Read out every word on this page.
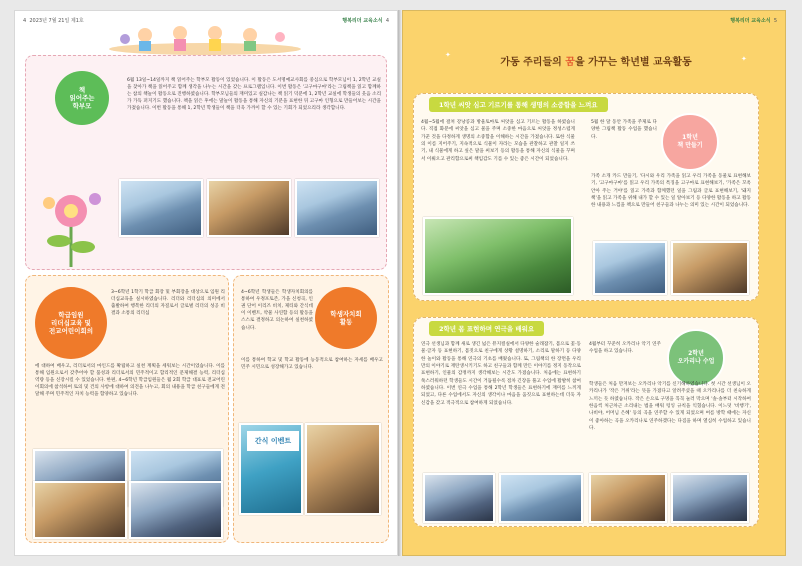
4 2023년 7월 21일 제1호	행복리더 교육소식 4
책
읽어주는
학부모
6월 13일~14일까지 책 읽어주는 학부모 활동이 있었습니다. 이 활동은 도서명예교사회를 중심으로 학부모님이 1, 2학년 교실을 찾아가 책을 읽어주고 함께 생각을 나누는 시간을 갖는 프로그램입니다. 이번 활동은 '고구마구마'라는 그림책을 읽고 함께하는 참의 책놀이 활동으로 진행하였습니다. 학부모님들의 재미있고 실감나는 책 읽기 덕분에 1, 2학년 교실에 학생들의 웃음 소리가 가득 퍼지기도 했습니다. 책을 읽은 후에는 말놀이 활동을 통해 자신의 기분을 표현한 뒤 고구마 인형으로 만들어보는 시간을 가졌습니다. 이번 활동을 통해 1, 2학년 학생들이 책을 더욱 가까이 할 수 있는 기회가 되었으리라 생각합니다.
학급임원
리더십교육 및
전교어린이회의
3~6학년 1학기 학급 회장 및 부회장을 대상으로 임원 리더십교육을 실시하였습니다. 리더와 리더십의 의미에서 출발하여 행복한 리더의 자질로서 글로벌 리더의 성공 비결과 소통의 리더십
에 대하여 배우고, 리더로서의 마인드를 확립하고 실천 계획을 세워보는 시간이었습니다. 이를 통해 임원으로서 갖추어야 할 품성과 리더로서의 민주적이고 합리적인 문제해결 능력, 리더십 역량 등을 신장시킬 수 있었습니다. 한편, 4~6학년 학급임원들은 월 2회 학급 대표로 전교어린이회의에 참석하여 토의 및 건의 사항에 대하여 의견을 나누고, 회의 내용을 학급 친구들에게 전달해 주며 민주적인 자치 능력을 함양하고 있습니다.
학생자치회
활동
4~6학년 학생들은 학생자치회의를 통하여 우정포토존, 가을 신청곡, 인권 단어 이리즈 비치, 제티와 간식데이 이벤트, 약물 사연함 등의 활동을 스스로 결정하고 의논하여 실천하였습니다.
이를 통하여 학교 및 학교 활동에 능동적으로 참여하는 자세를 배우고 민주 시민으로 성장해가고 있습니다.
간식 이벤트
행복리더 교육소식 5
가동 주리들의 꿈을 가꾸는 학년별 교육활동
✦	✦
1학년 씨앗 심고 기르기를 통해 생명의 소중함을 느껴요
1학년
책 만들기
4월~5월에 걸쳐 강낭콩과 방울토마토 씨앗을 심고 기르는 활동을 하였습니다. 직접 화분에 씨앗을 심고 물을 주며 소중한 마음으로 씨앗을 정성스럽게 가꾼 것을 다정하게 생명의 소중함을 이해하는 시간을 가졌습니다. 또한 식물의 이름 지어주기, 지속적으로 식물이 자라는 모습을 관찰하고 관찰 일지 쓰기, 내 식물에게 하고 싶은 말을 써보기 등의 활동을 통해 자신의 식물을 꾸며서 이뤄오고 관리함으로써 책임감도 기를 수 있는 좋은 시간이 되었습니다.
5월 한 달 동안 가족을 주제로 다양한 그림책 활동 수업을 했습니다.
가족 소개 카드 만들기, '다시와 우리 가족을 읽고 우리 가족을 동물로 표현해보기, '고구마구마'를 읽고 우리 가족의 특징을 고구마로 표현해보기, '가족은 꼬옥 안아 주는 거야'를 읽고 가족과 함께했던 일을 그림과 글로 표현해보기, '돼지책'을 읽고 가족을 위해 내가 할 수 있는 일 알아보기 등 다양한 활동을 하고 활동한 내용과 느낌을 책으로 만들어 친구들과 나누는 의미 있는 시간이 되었습니다.
2학년 몸 표현하며 연극을 배워요
2학년
오카리나 수업
연극 선생님과 함께 새로 생긴 넓은 뮤지컬실에서 다양한 술래잡기, 몸으로 꽃·동물·글자 등 표현하기, 몸짓으로 친구에게 상황 설명하기, 소리로 말하기 등 다양한 놀이와 활동을 통해 연극의 기초를 배웠습니다. 또, 그림책의 한 장면을 우리만의 이야기로 재탄생시키기도 하고 친구들과 함께 만든 이야기를 정지 동작으로 표현하기, 인물의 감정까지 생각해보는 시간도 가졌습니다. 처음에는 표현하기 쑥스러워하던 학생들도 시간이 거듭될수록 점차 긴장을 풀고 수업에 활발히 참여하였습니다. 이번 연극 수업을 통해 2학년 학생들은 표현하기에 재미를 느끼게 되었고, 다른 수업에서도 자신의 생각이나 마음을 움짓으로 표현하는데 더욱 자신감을 갖고 적극적으로 참여하게 되었습니다.
4월부터 꾸준히 오카리나 악기 연주 수업을 하고 있습니다.
학생들은 처음 만져보는 오카리나 악기를 신기해하였습니다. 첫 시간 선생님이 오카리나가 '작은 거위'라는 뜻을 가졌다고 알려주셨을 때 오카리나를 더 친숙하게 느끼는 듯 하였습니다. 작은 손으로 구멍을 꼭꼭 눌러 막으며 '솔·솔부터 시작하여 한음씩 처근차근 소리내는 법을 배워 텅잉 규칙을 익혔습니다. 이느덧 '비행기', 나비야, 어머님 은혜' 등의 곡을 연주할 수 있게 되었으며 여름 방학 때에는 자신이 좋아하는 곡을 오카리나로 연주하겠다는 다짐을 하며 열심히 수업하고 있습니다.
